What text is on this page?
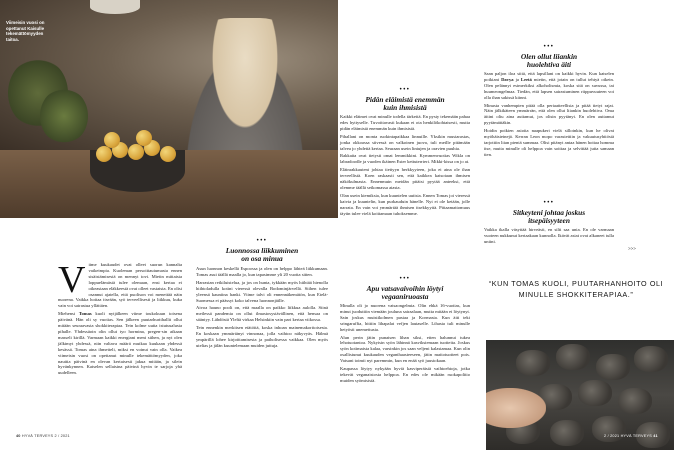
Viimeisin vuosi on opettanut Kaisulle tekemättömyyden taitoa.

Viime kuukaudet ovat olleet suorun kannalta vaikeimpia. Kuoleman persoittautumasta ennen sisäistämisestä on mennyt tovi. Mietin mittaista loppuelämästä tulee olemaan, ensi kertaa ei oikeastaan eläkkeestä ovat olleet vastaista. En olisi osannut ajatella, että puolison voi menettää näin nuorena. Vaikka hoitaa itseään, syö terveellisesti ja liikkuu, kuka vain voi sairastua yllättäen.

Miehensi Tomas kuoli nytjälkeen viime toukokuun toisena päivänä. Hän oli sy vuotias. Sen jälkeen puutarhurithallit ollut mitään seuraavasta shokkiterapiaa. Tein kolme uutta istutusalusta pihalle. Yhdessäoin olin ollut tyo hormina, pregen-sin aikaan masseli kirillä. Varmaan kaikki energiani meni siihen, ja nyt olen jälkimyt yhdessä, niin valtava määrä mutkaa kuukaan yhdessä kesässä. Tomas aina ihmetteli, miksi en voinut vain olla. Vaikea viimeisin vuosi on opettanut minulle tekemättömyyden, joka nauttia päivinä en olevan kertaisesti jakua mitään, ja silein hyvänkynnen. Katselen sellaisina päivinä hyvin te sarjoja yhä uudelleen.

•••
Luonnossa liikkuminen
on osa minua

Asun luonnon keskellä Espoossa ja olen on helppo lähteä liikkumaan. Tomas asui täällä maalla jo, kun tapasimme yli 20 vuotta sitten.

Harrastan retkiluistelua, ja jos on hunta, tykkään myös hiihtää hienolla hiihtoladulla kotini vieressä olevalla Bodominjärvellä. Siihen tulee yleensä kauniina hanki. Viime talvi oli ennennäkemätön, kun Etelä-Suomessa ei päässyt koko talvena luonnonjäille.

Aivoa hauno pooli on, että maalla on paikko liikkua aulolla. Siinä meilessä pandemia on ollut ilmastosystävällinen, että hensaa on sääntyy. Lähdöstä Yleltä virkaa Helsinkiin vain pari kertaa viikossa.

Tein ennenkin merkitsen etätöitä, koska inhoan mainemakorttoisesta. En koskaan ymmärtänyt vinnonaa, jolla vaihtoo näkyvyäs. Hälmä ympärillä lohee kirjoittamisesta ja paiholisessa vaikkaa. Olen myös utelias ja jälän kuuntelemaan muiden juttuja.

40 HYVÄ TERVEYS 2 / 2021
•••
Pidän eläimistä enemmän
kuin ihmisistä

Kaikki eläimet ovat minulle todella tärkeitä. En pysty tekemään pahaa edes hyttyselle. Tuvoittavasti kukaan ei ota henkilökohtaisesti, mutta pidän eläimistä enemmän kuin ihmisistä.

Pihallani on monta ruokintapaikkaa linnuille. Yksikin mustarastas, jonka okkoassa siivessä on valkoinen juova, tuli meille pitämään talvea jo yhdettä kertaa. Seuraan usein lintujen ja oravien puuhia.

Rakkaita ovat tietysti omat lemmikkini. Kymmenvuotias Wikla on labradoodle ja vuoden ikäinen Ester kettuterrieri. Mikki-kissa on jo at.

Eläinrakkauteni johtaa tiettyyn herkkyyteen, joka ei aina ole ihan terveellistä. Koen raskaasti sen, että kaikkea katsotaan ihmisen näkökulmasta. Ennenmuin meidän pitäisi pyytää anteeksi, että olemme täällä seikomassa aiasta.

Olan usein kiemiksia, kun kuuntelen uutisia. Ennen Tomas joi vieressä kaivia ja kuuntelin, kun purkauduin hänelle. Nyt ei ole ketään, jolle narrata. En vain voi ymmärtää ihmisen itsekkyyttä. Pittaamattomuus täytin tulee vielä koittamaan tuhoksemme.

•••
Apu vatsavaivoihin löytyi
vegaaniruoasta

Minulla oli jo nuorena vatsaongelmia. Olin ehkä 16-vuotias, kun minut juoduttiin viemään jouluna sairaalaan, mutta mitään ei löytynyt. Sain joskus muistikolmen pastaa ja Kormasta. Kun äiti teki sringaruffia, hittiin lihapalat vefjen lautaselle. Lihasta tuli minulle hetyösti unemettusta.

Alun perin jätin punaisen lihan siksi, etten halunnut tukea lehotuotantoa. Nykyisin syön lähinnä kasviksiemaan tuotteita. Joskus syön kotimaista kalaa, varsinkin jos saan veljeni kalastamaa. Kun olin osallistunut kuukauden veganthaasteeseen, jätin maitotuotteet pois. Vatsani toimii nyt paremmin, kun en enää syö juustokaan.

Kaupassa löytyy nykyään hyviä kasviperäisiä vaihtoehtoja, jotka tekevät veganaistosta helppoa. En edes ole mikään ruokapolitio muiden syömisistä.

•••
Olen ollut liiankin
huolehtiva äiti

Saan paljon iloa siitä, että lapsillani on kaikki hyvin. Kun katselen poikiani Davya ja Leetä mietin, että jotain on tullut tehtyä oikein. Olen pelännyt esimerkiksi alkoholismia, koska sitä on suvussa, tai huumeongelmaa. Tiedän, että lapsen sairastuminen riippuvuuteen voi olla ihan sakissä kiinni.

Minusta vanhempien pitää olla periaatteellisia ja pitää tietyt rajat. Näin jälkikäteen ymmärrän, että olen ollut liiankin huolehtiva. Oma äitini oliu aina auttamut, jos olisin pyytänyt. En olen auttamut pyytämättäkin.

Hoidin poikien asioita naapukeri vielä silloinkin, kun he olivat myöhäisteinejä. Kerran Leon mopo varastettiin ja vakuutusyhtiöstä tarjottiin liian pientä summaa. Olisi pitänyt antaa hänen hoitaa homma itse, mutta minulle oli helppoa vain soittaa ja selvittää jutta samaan tien.

•••
Sitkeyteni johtaa joskus
itsepäisyyteen

Vaikka tkalla väsyttää hirveästi, en silti saa unia. En ole varmaan vuoteen nukkunut kertaakaan kunnolla. Ikävät asiat ovat alkaneet tulla uniini.

>>>
“KUN TOMAS KUOLI, PUUTARHANHOITO OLI MINULLE SHOKKITERAPIAA.”
2 / 2021 HYVÄ TERVEYS 41
